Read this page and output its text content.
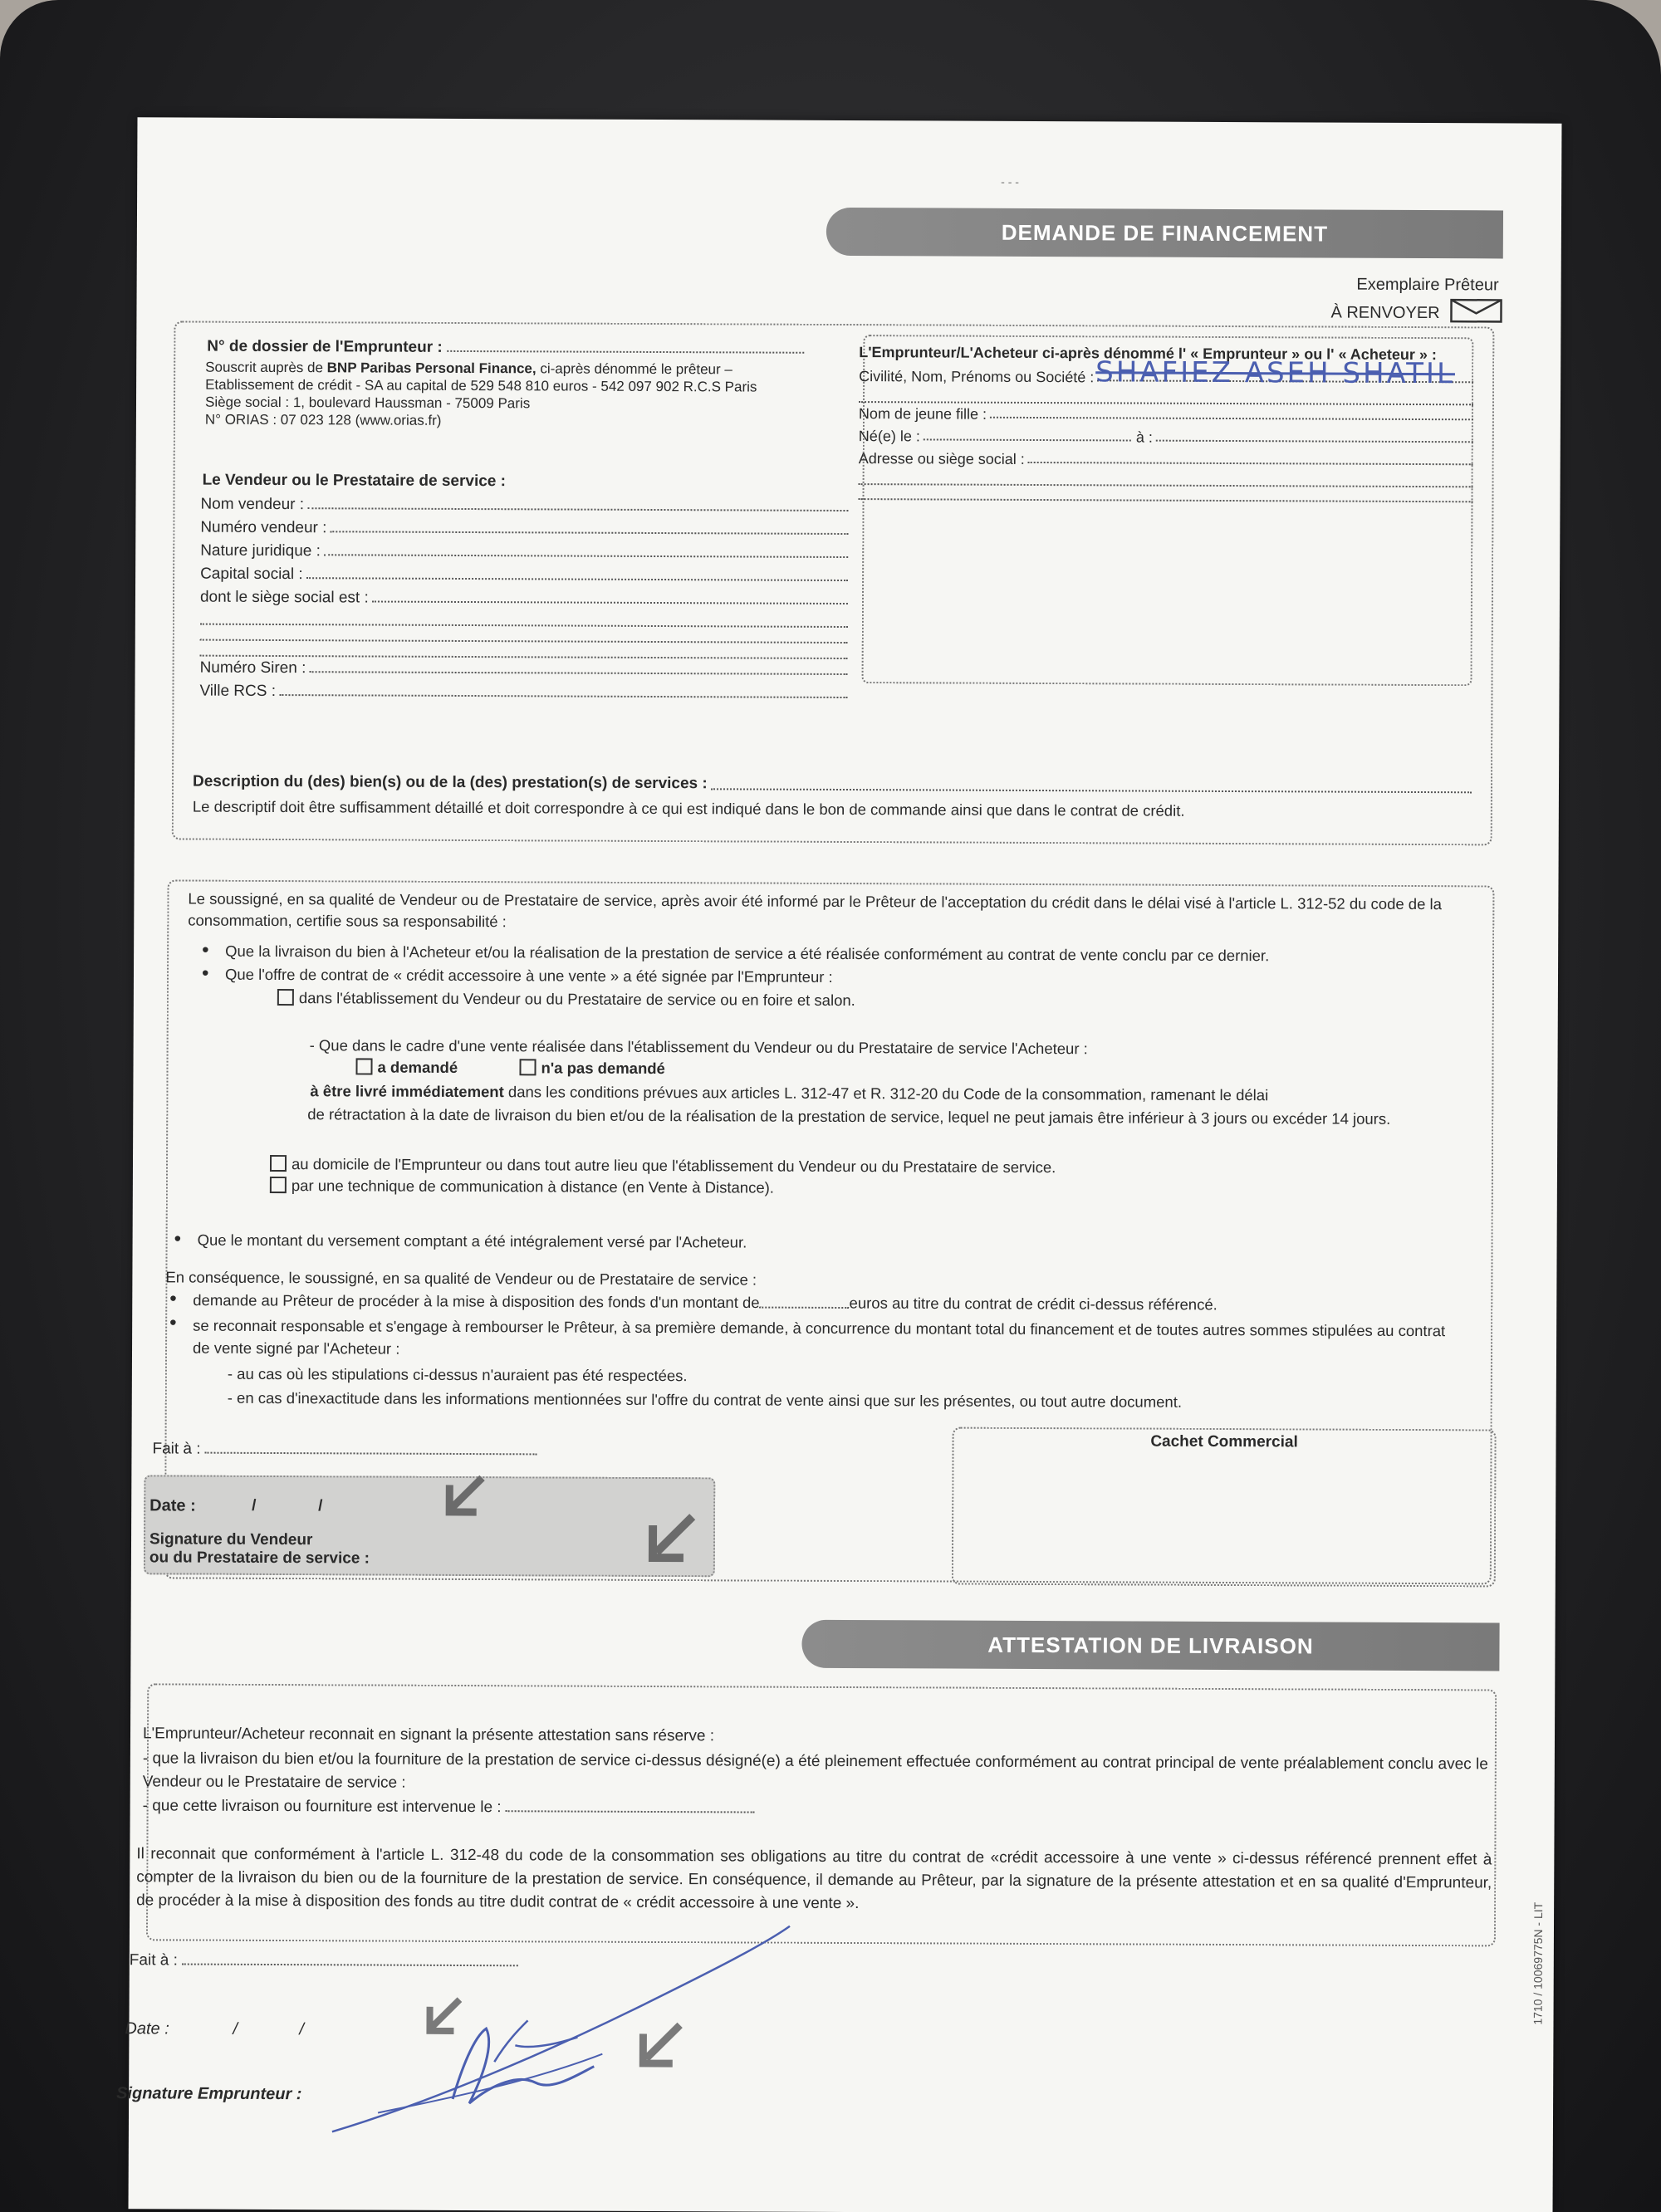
- - -
DEMANDE DE FINANCEMENT
Exemplaire Prêteur
À RENVOYER
N° de dossier de l'Emprunteur :
Souscrit auprès de BNP Paribas Personal Finance, ci-après dénommé le prêteur –
Etablissement de crédit - SA au capital de 529 548 810 euros - 542 097 902 R.C.S Paris
Siège social : 1, boulevard Haussman - 75009 Paris
N° ORIAS : 07 023 128 (www.orias.fr)
Le Vendeur ou le Prestataire de service :
Nom vendeur :
Numéro vendeur :
Nature juridique :
Capital social :
dont le siège social est :
Numéro Siren :
Ville RCS :
L'Emprunteur/L'Acheteur ci-après dénommé l' « Emprunteur » ou l' « Acheteur » :
Civilité, Nom, Prénoms ou Société : SHAFIEZ ASEH SHATIL
Nom de jeune fille :
Né(e) le :	à :
Adresse ou siège social :
Description du (des) bien(s) ou de la (des) prestation(s) de services :
Le descriptif doit être suffisamment détaillé et doit correspondre à ce qui est indiqué dans le bon de commande ainsi que dans le contrat de crédit.
Le soussigné, en sa qualité de Vendeur ou de Prestataire de service, après avoir été informé par le Prêteur de l'acceptation du crédit dans le délai visé à l'article L. 312-52 du code de la consommation, certifie sous sa responsabilité :
• Que la livraison du bien à l'Acheteur et/ou la réalisation de la prestation de service a été réalisée conformément au contrat de vente conclu par ce dernier.
• Que l'offre de contrat de « crédit accessoire à une vente » a été signée par l'Emprunteur :
dans l'établissement du Vendeur ou du Prestataire de service ou en foire et salon.
- Que dans le cadre d'une vente réalisée dans l'établissement du Vendeur ou du Prestataire de service l'Acheteur :
a demandé	n'a pas demandé
à être livré immédiatement dans les conditions prévues aux articles L. 312-47 et R. 312-20 du Code de la consommation, ramenant le délai
de rétractation à la date de livraison du bien et/ou de la réalisation de la prestation de service, lequel ne peut jamais être inférieur à 3 jours ou excéder 14 jours.
au domicile de l'Emprunteur ou dans tout autre lieu que l'établissement du Vendeur ou du Prestataire de service.
par une technique de communication à distance (en Vente à Distance).
• Que le montant du versement comptant a été intégralement versé par l'Acheteur.
En conséquence, le soussigné, en sa qualité de Vendeur ou de Prestataire de service :
• demande au Prêteur de procéder à la mise à disposition des fonds d'un montant de	euros au titre du contrat de crédit ci-dessus référencé.
• se reconnait responsable et s'engage à rembourser le Prêteur, à sa première demande, à concurrence du montant total du financement et de toutes autres sommes stipulées au contrat de vente signé par l'Acheteur :
- au cas où les stipulations ci-dessus n'auraient pas été respectées.
- en cas d'inexactitude dans les informations mentionnées sur l'offre du contrat de vente ainsi que sur les présentes, ou tout autre document.
Fait à :
Date :	/	/
Signature du Vendeur
ou du Prestataire de service :
Cachet Commercial
ATTESTATION DE LIVRAISON
L'Emprunteur/Acheteur reconnait en signant la présente attestation sans réserve :
- que la livraison du bien et/ou la fourniture de la prestation de service ci-dessus désigné(e) a été pleinement effectuée conformément au contrat principal de vente préalablement conclu avec le Vendeur ou le Prestataire de service :
- que cette livraison ou fourniture est intervenue le :
Il reconnait que conformément à l'article L. 312-48 du code de la consommation ses obligations au titre du contrat de «crédit accessoire à une vente » ci-dessus référencé prennent effet à compter de la livraison du bien ou de la fourniture de la prestation de service. En conséquence, il demande au Prêteur, par la signature de la présente attestation et en sa qualité d'Emprunteur, de procéder à la mise à disposition des fonds au titre dudit contrat de « crédit accessoire à une vente ».
Fait à :
Date :	/	/
Signature Emprunteur :
1710 / 10069775N - LIT
